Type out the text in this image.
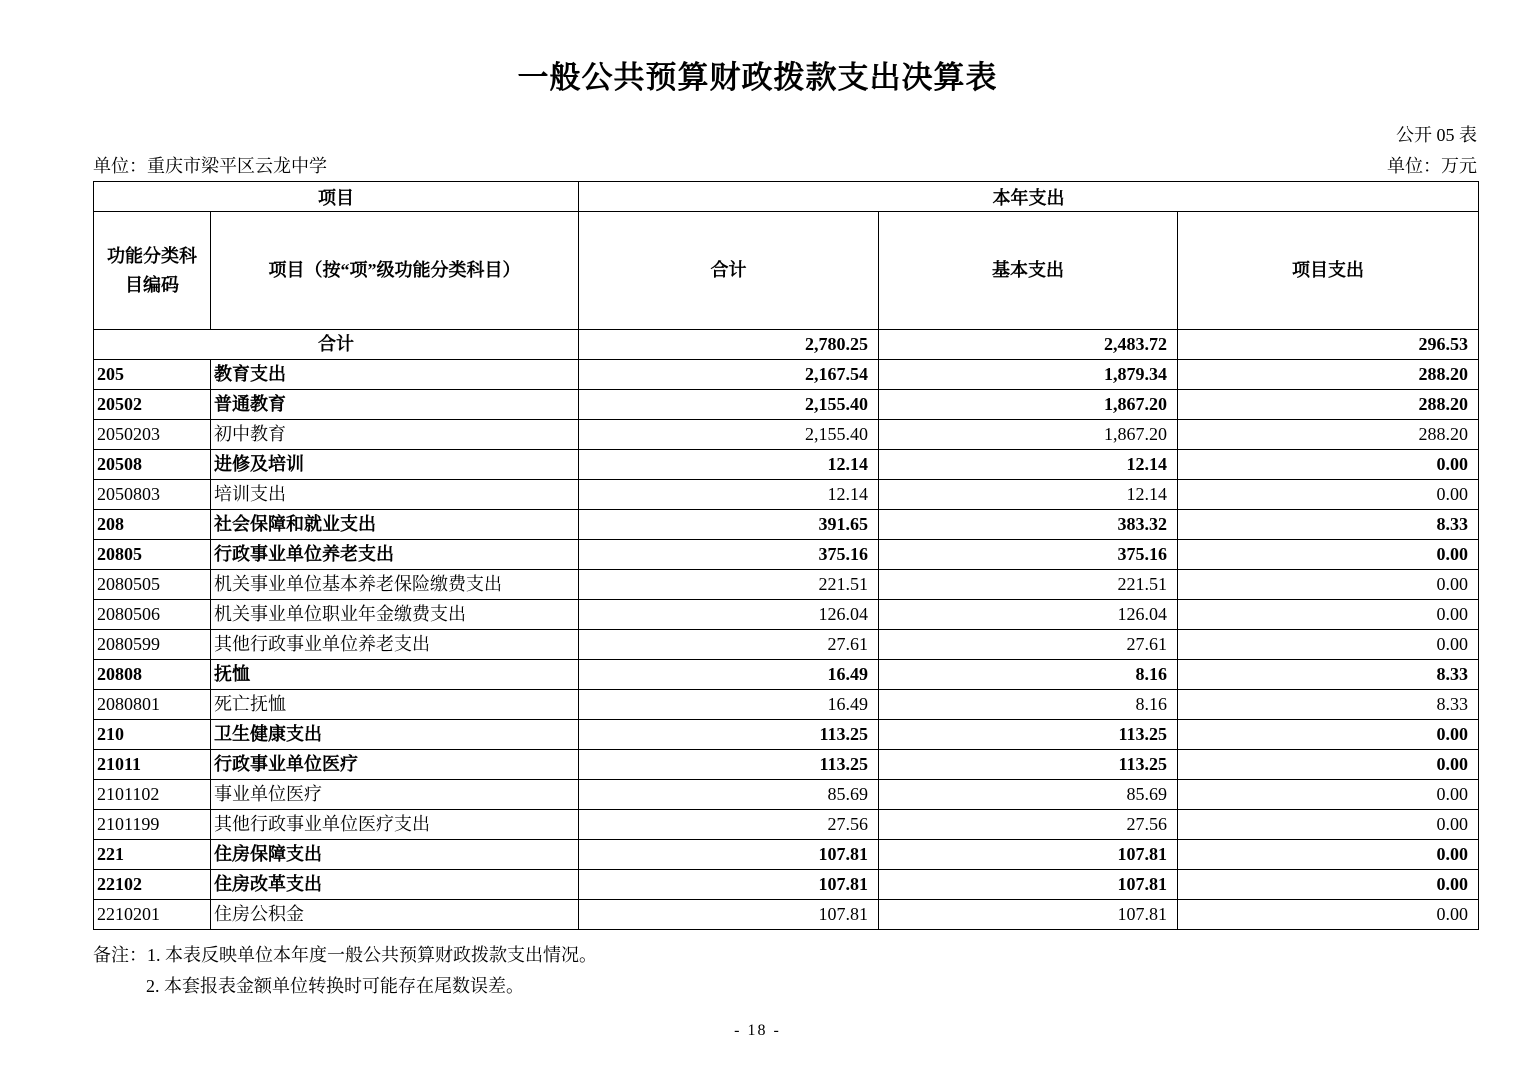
一般公共预算财政拨款支出决算表
公开 05 表
单位：重庆市梁平区云龙中学	单位：万元
项目		本年支出		
功能分类科目编码	项目（按“项”级功能分类科目）	合计	基本支出	项目支出
合计		2,780.25	2,483.72	296.53
205	教育支出	2,167.54	1,879.34	288.20
20502	普通教育	2,155.40	1,867.20	288.20
2050203	初中教育	2,155.40	1,867.20	288.20
20508	进修及培训	12.14	12.14	0.00
2050803	培训支出	12.14	12.14	0.00
208	社会保障和就业支出	391.65	383.32	8.33
20805	行政事业单位养老支出	375.16	375.16	0.00
2080505	机关事业单位基本养老保险缴费支出	221.51	221.51	0.00
2080506	机关事业单位职业年金缴费支出	126.04	126.04	0.00
2080599	其他行政事业单位养老支出	27.61	27.61	0.00
20808	抚恤	16.49	8.16	8.33
2080801	死亡抚恤	16.49	8.16	8.33
210	卫生健康支出	113.25	113.25	0.00
21011	行政事业单位医疗	113.25	113.25	0.00
2101102	事业单位医疗	85.69	85.69	0.00
2101199	其他行政事业单位医疗支出	27.56	27.56	0.00
221	住房保障支出	107.81	107.81	0.00
22102	住房改革支出	107.81	107.81	0.00
2210201	住房公积金	107.81	107.81	0.00
备注：1. 本表反映单位本年度一般公共预算财政拨款支出情况。
2. 本套报表金额单位转换时可能存在尾数误差。
- 18 -
